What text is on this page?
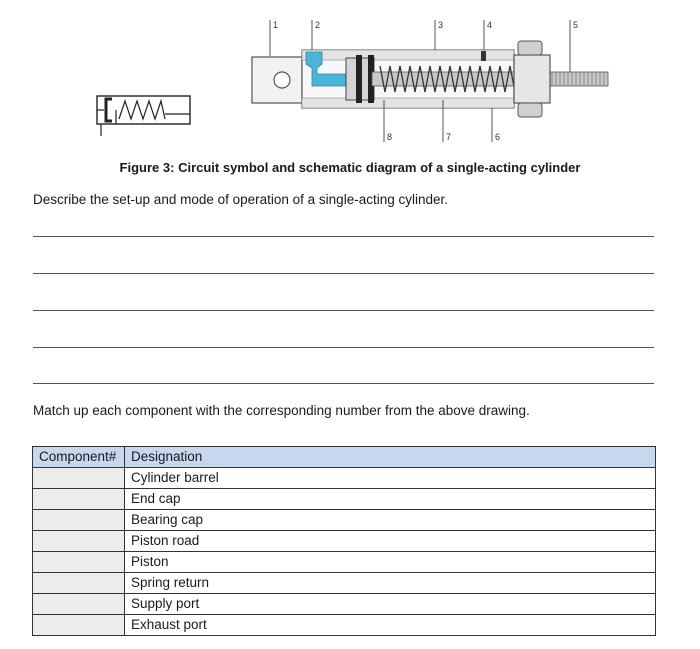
1	2	3	4	5
8	7	6
Figure 3: Circuit symbol and schematic diagram of a single-acting cylinder
Describe the set-up and mode of operation of a single-acting cylinder.
Match up each component with the corresponding number from the above drawing.
Component#	Designation
	Cylinder barrel
	End cap
	Bearing cap
	Piston road
	Piston
	Spring return
	Supply port
	Exhaust port
